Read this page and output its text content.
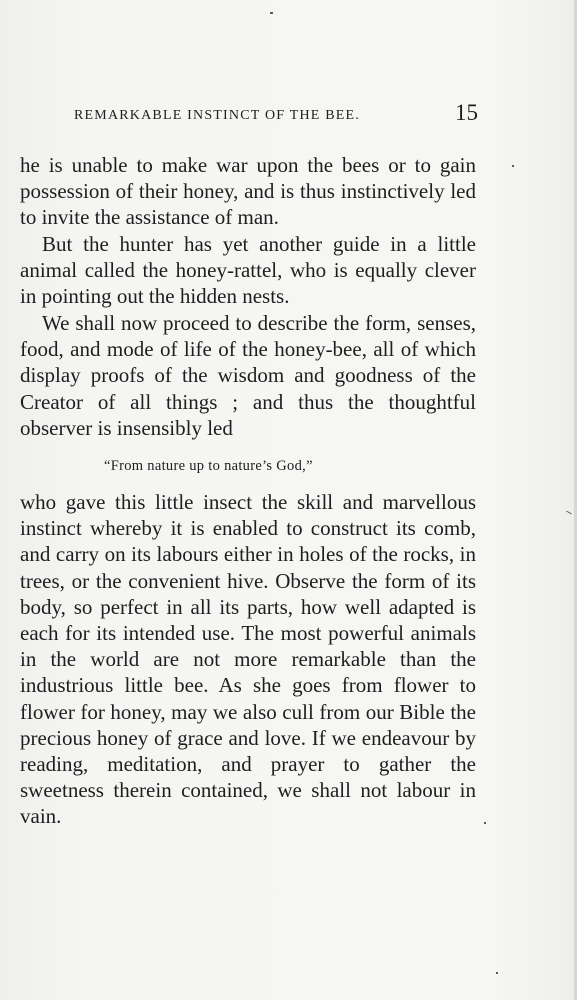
REMARKABLE INSTINCT OF THE BEE.	15

he is unable to make war upon the bees or to gain possession of their honey, and is thus instinctively led to invite the assistance of man.

But the hunter has yet another guide in a little animal called the honey-rattel, who is equally clever in pointing out the hidden nests.

We shall now proceed to describe the form, senses, food, and mode of life of the honey-bee, all of which display proofs of the wisdom and goodness of the Creator of all things ; and thus the thoughtful observer is insensibly led

“From nature up to nature’s God,”

who gave this little insect the skill and marvellous instinct whereby it is enabled to construct its comb, and carry on its labours either in holes of the rocks, in trees, or the convenient hive. Observe the form of its body, so perfect in all its parts, how well adapted is each for its intended use. The most powerful animals in the world are not more remarkable than the industrious little bee. As she goes from flower to flower for honey, may we also cull from our Bible the precious honey of grace and love. If we endeavour by reading, meditation, and prayer to gather the sweetness therein contained, we shall not labour in vain.
